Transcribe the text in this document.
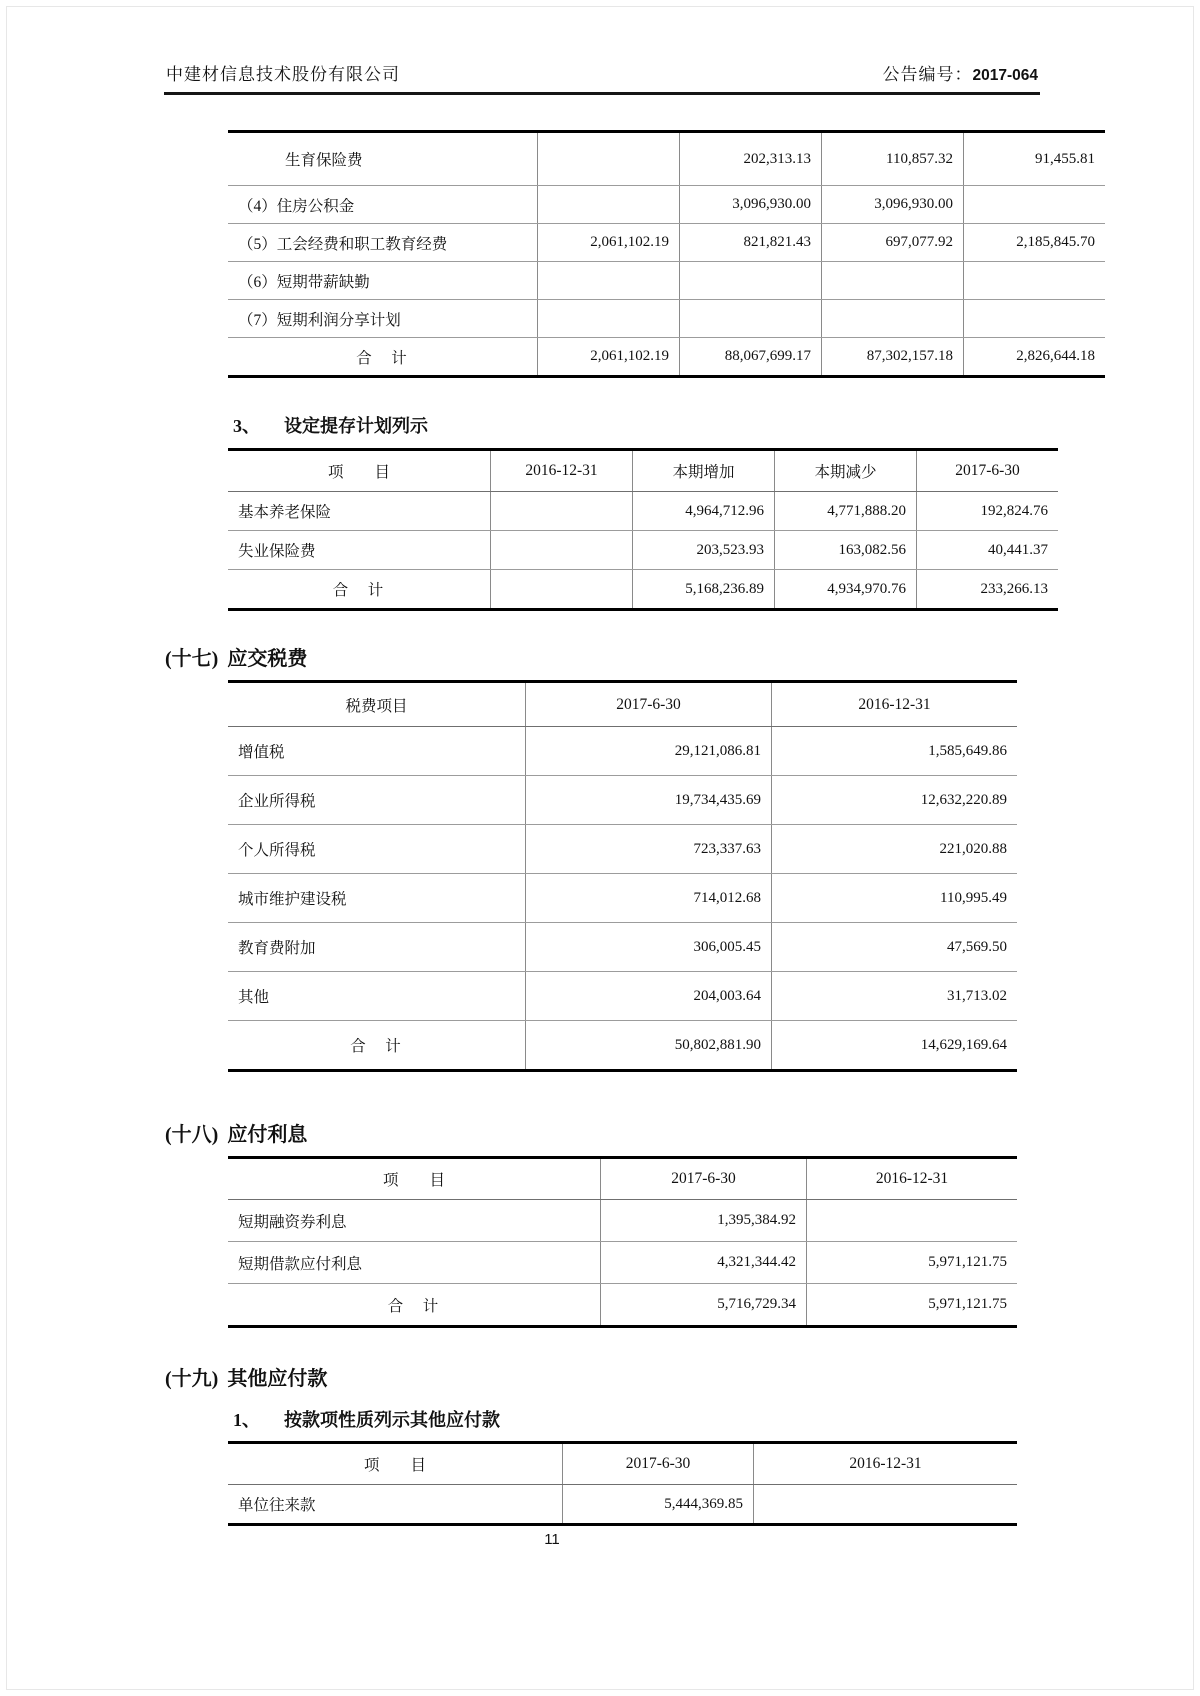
中建材信息技术股份有限公司	公告编号：2017-064
生育保险费		202,313.13	110,857.32	91,455.81
（4）住房公积金		3,096,930.00	3,096,930.00	
（5）工会经费和职工教育经费	2,061,102.19	821,821.43	697,077.92	2,185,845.70
（6）短期带薪缺勤				
（7）短期利润分享计划				
合　计	2,061,102.19	88,067,699.17	87,302,157.18	2,826,644.18
3、 设定提存计划列示
项　　目	2016-12-31	本期增加	本期减少	2017-6-30
基本养老保险		4,964,712.96	4,771,888.20	192,824.76
失业保险费		203,523.93	163,082.56	40,441.37
合　计		5,168,236.89	4,934,970.76	233,266.13
(十七) 应交税费
税费项目	2017-6-30	2016-12-31
增值税	29,121,086.81	1,585,649.86
企业所得税	19,734,435.69	12,632,220.89
个人所得税	723,337.63	221,020.88
城市维护建设税	714,012.68	110,995.49
教育费附加	306,005.45	47,569.50
其他	204,003.64	31,713.02
合　计	50,802,881.90	14,629,169.64
(十八) 应付利息
项　　目	2017-6-30	2016-12-31
短期融资券利息	1,395,384.92	
短期借款应付利息	4,321,344.42	5,971,121.75
合　计	5,716,729.34	5,971,121.75
(十九) 其他应付款
1、 按款项性质列示其他应付款
项　　目	2017-6-30	2016-12-31
单位往来款	5,444,369.85	
11
